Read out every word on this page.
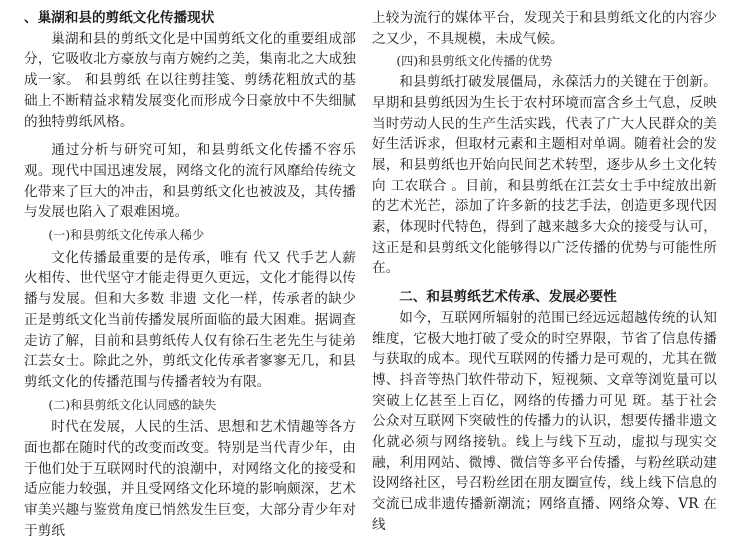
、巢湖和县的剪纸文化传播现状

巢湖和县的剪纸文化是中国剪纸文化的重要组成部分，它吸收北方豪放与南方婉约之美，集南北之大成独成一家。 和县剪纸 在以往剪挂笺、剪绣花粗放式的基础上不断精益求精发展变化而形成今日豪放中不失细腻的独特剪纸风格。

通过分析与研究可知，和县剪纸文化传播不容乐观。现代中国迅速发展，网络文化的流行风靡给传统文化带来了巨大的冲击，和县剪纸文化也被波及，其传播与发展也陷入了艰难困境。

(一)和县剪纸文化传承人稀少

文化传播最重要的是传承，唯有 代又 代手艺人薪火相传、世代坚守才能走得更久更远，文化才能得以传播与发展。但和大多数 非遗 文化一样，传承者的缺少正是剪纸文化当前传播发展所面临的最大困难。据调查走访了解，目前和县剪纸传人仅有徐石生老先生与徒弟江芸女士。除此之外，剪纸文化传承者寥寥无几，和县剪纸文化的传播范围与传播者较为有限。

(二)和县剪纸文化认同感的缺失

时代在发展，人民的生活、思想和艺术情趣等各方面也都在随时代的改变而改变。特别是当代青少年，由于他们处于互联网时代的浪潮中，对网络文化的接受和适应能力较强，并且受网络文化环境的影响颇深，艺术审美兴趣与鉴赏角度已悄然发生巨变，大部分青少年对于剪纸

上较为流行的媒体平台，发现关于和县剪纸文化的内容少之又少，不具规模，未成气候。

(四)和县剪纸文化传播的优势

和县剪纸打破发展僵局，永葆活力的关键在于创新。早期和县剪纸因为生长于农村环境而富含乡土气息，反映当时劳动人民的生产生活实践，代表了广大人民群众的美好生活诉求，但取材元素和主题相对单调。随着社会的发展，和县剪纸也开始向民间艺术转型，逐步从乡土文化转向 工农联合 。目前，和县剪纸在江芸女士手中绽放出新的艺术光芒，添加了许多新的技艺手法，创造更多现代因素，体现时代特色，得到了越来越多大众的接受与认可，这正是和县剪纸文化能够得以广泛传播的优势与可能性所在。

二、和县剪纸艺术传承、发展必要性

如今，互联网所辐射的范围已经远远超越传统的认知维度，它极大地打破了受众的时空界限，节省了信息传播与获取的成本。现代互联网的传播力是可观的，尤其在微博、抖音等热门软件带动下，短视频、文章等浏览量可以突破上亿甚至上百亿，网络的传播力可见 斑。基于社会公众对互联网下突破性的传播力的认识，想要传播非遗文化就必须与网络接轨。线上与线下互动，虚拟与现实交融，利用网站、微博、微信等多平台传播，与粉丝联动建设网络社区，号召粉丝团在朋友圈宣传，线上线下信息的交流已成非遗传播新潮流；网络直播、网络众筹、VR 在线
